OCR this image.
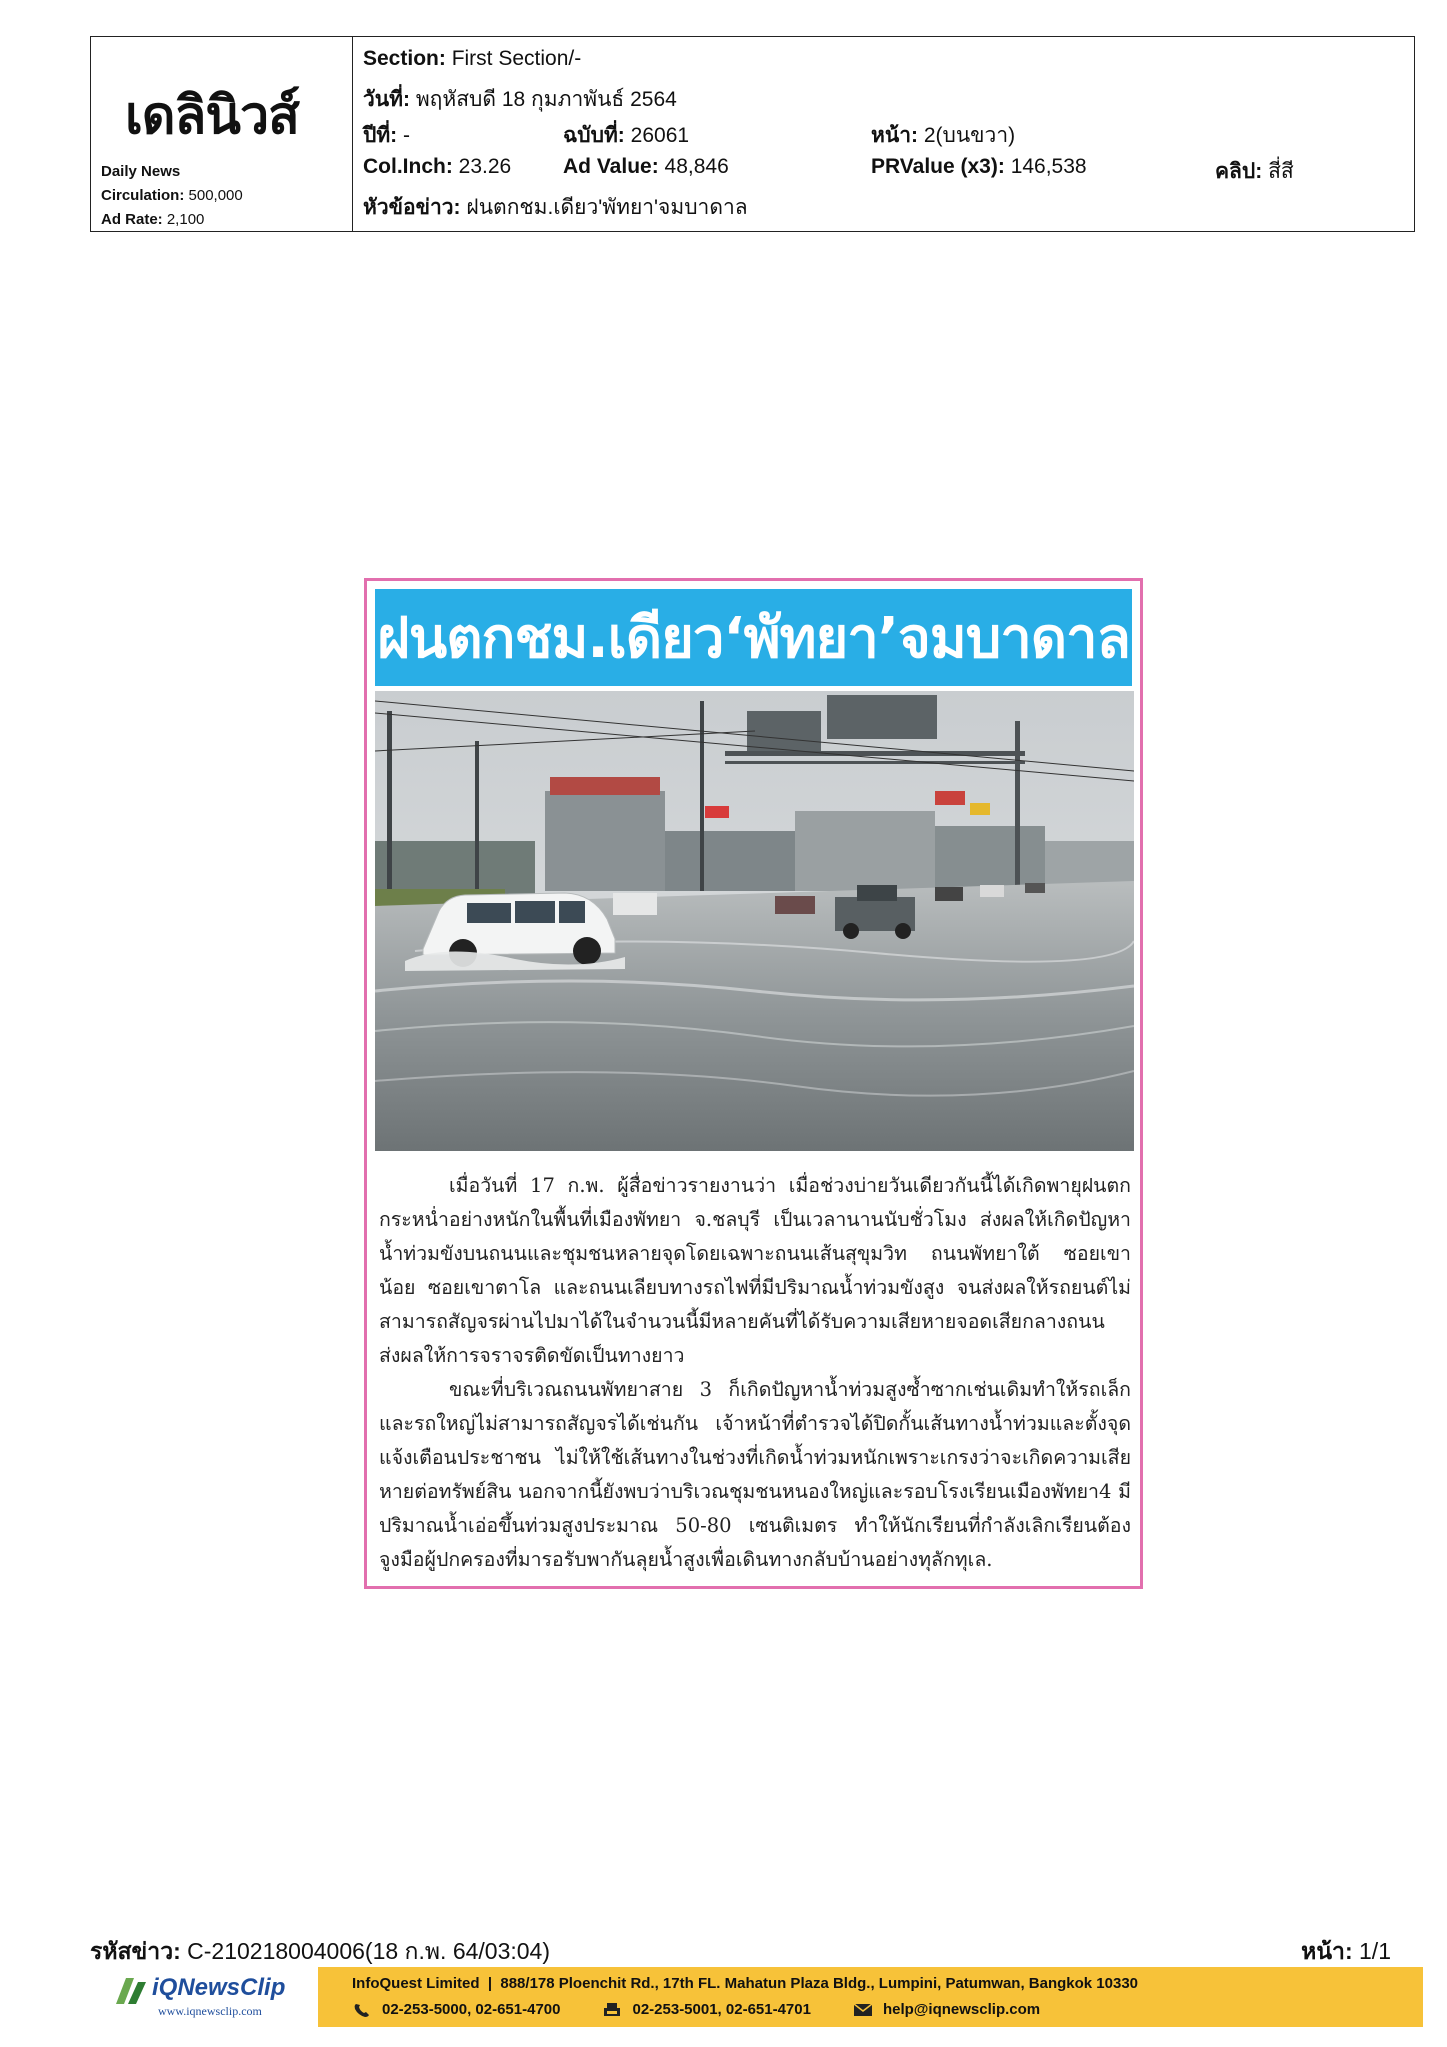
เดลินิวส์
Daily News
Circulation: 500,000
Ad Rate: 2,100
Section: First Section/-
วันที่: พฤหัสบดี 18 กุมภาพันธ์ 2564
ปีที่: -	ฉบับที่: 26061	หน้า: 2(บนขวา)
Col.Inch: 23.26 Ad Value: 48,846	PRValue (x3): 146,538	คลิป: สี่สี
หัวข้อข่าว: ฝนตกชม.เดียว'พัทยา'จมบาดาล
ฝนตกชม.เดียว‘พัทยา’จมบาดาล

เมื่อวันที่ 17 ก.พ. ผู้สื่อข่าวรายงานว่า เมื่อช่วงบ่ายวันเดียวกันนี้ได้เกิดพายุฝนตกกระหน่ำอย่างหนักในพื้นที่เมืองพัทยา จ.ชลบุรี เป็นเวลานานนับชั่วโมง ส่งผลให้เกิดปัญหาน้ำท่วมขังบนถนนและชุมชนหลายจุดโดยเฉพาะถนนเส้นสุขุมวิท ถนนพัทยาใต้ ซอยเขาน้อย ซอยเขาตาโล และถนนเลียบทางรถไฟที่มีปริมาณน้ำท่วมขังสูง จนส่งผลให้รถยนต์ไม่สามารถสัญจรผ่านไปมาได้ในจำนวนนี้มีหลายคันที่ได้รับความเสียหายจอดเสียกลางถนน ส่งผลให้การจราจรติดขัดเป็นทางยาว

ขณะที่บริเวณถนนพัทยาสาย 3 ก็เกิดปัญหาน้ำท่วมสูงซ้ำซากเช่นเดิมทำให้รถเล็กและรถใหญ่ไม่สามารถสัญจรได้เช่นกัน เจ้าหน้าที่ตำรวจได้ปิดกั้นเส้นทางน้ำท่วมและตั้งจุดแจ้งเตือนประชาชน ไม่ให้ใช้เส้นทางในช่วงที่เกิดน้ำท่วมหนักเพราะเกรงว่าจะเกิดความเสียหายต่อทรัพย์สิน นอกจากนี้ยังพบว่าบริเวณชุมชนหนองใหญ่และรอบโรงเรียนเมืองพัทยา4 มีปริมาณน้ำเอ่อขึ้นท่วมสูงประมาณ 50-80 เซนติเมตร ทำให้นักเรียนที่กำลังเลิกเรียนต้องจูงมือผู้ปกครองที่มารอรับพากันลุยน้ำสูงเพื่อเดินทางกลับบ้านอย่างทุลักทุเล.

รหัสข่าว: C-210218004006(18 ก.พ. 64/03:04)	หน้า: 1/1
iQNewsClip
www.iqnewsclip.com
InfoQuest Limited  |  888/178 Ploenchit Rd., 17th FL. Mahatun Plaza Bldg., Lumpini, Patumwan, Bangkok 10330
02-253-5000, 02-651-4700	02-253-5001, 02-651-4701	help@iqnewsclip.com
